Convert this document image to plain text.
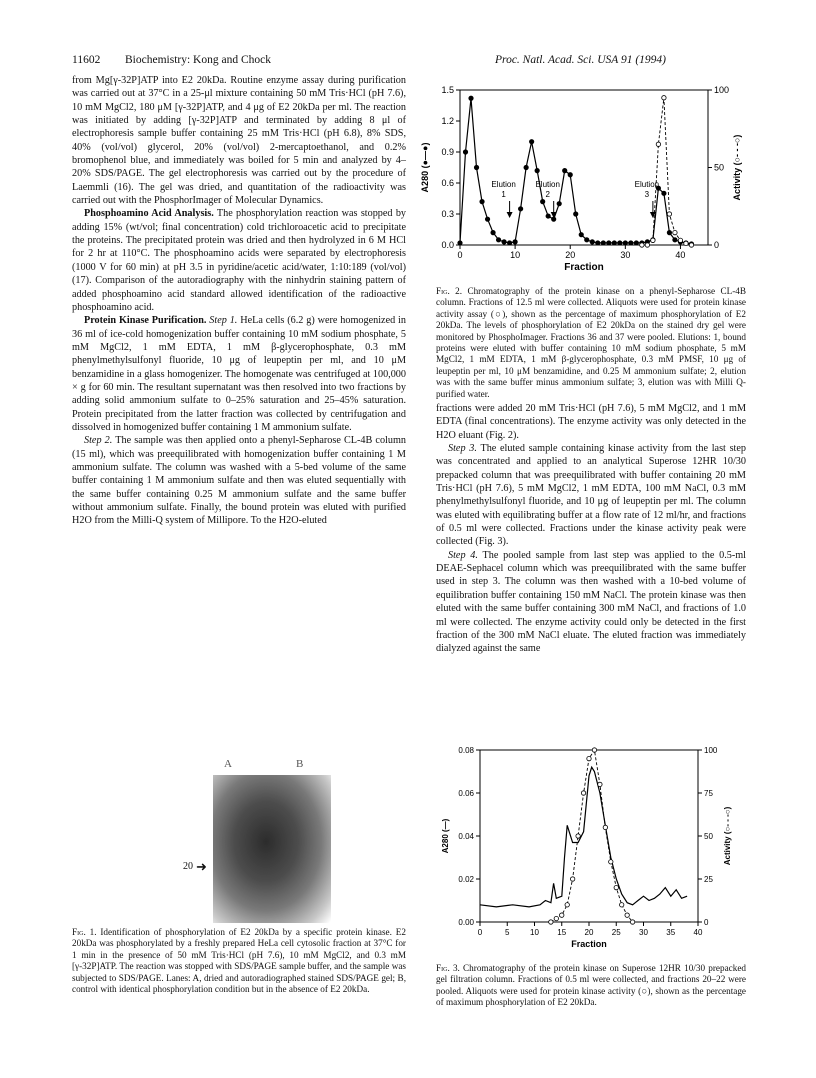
11602 Biochemistry: Kong and Chock	Proc. Natl. Acad. Sci. USA 91 (1994)

from Mg[γ-32P]ATP into E2 20kDa. Routine enzyme assay during purification was carried out at 37°C in a 25-μl mixture containing 50 mM Tris·HCl (pH 7.6), 10 mM MgCl2, 180 μM [γ-32P]ATP, and 4 μg of E2 20kDa per ml. The reaction was initiated by adding [γ-32P]ATP and terminated by adding 8 μl of electrophoresis sample buffer containing 25 mM Tris·HCl (pH 6.8), 8% SDS, 40% (vol/vol) glycerol, 20% (vol/vol) 2-mercaptoethanol, and 0.2% bromophenol blue, and immediately was boiled for 5 min and analyzed by 4–20% SDS/PAGE. The gel electrophoresis was carried out by the procedure of Laemmli (16). The gel was dried, and quantitation of the radioactivity was carried out with the PhosphorImager of Molecular Dynamics.

Phosphoamino Acid Analysis. The phosphorylation reaction was stopped by adding 15% (wt/vol; final concentration) cold trichloroacetic acid to precipitate the proteins. The precipitated protein was dried and then hydrolyzed in 6 M HCl for 2 hr at 110°C. The phosphoamino acids were separated by electrophoresis (1000 V for 60 min) at pH 3.5 in pyridine/acetic acid/water, 1:10:189 (vol/vol) (17). Comparison of the autoradiography with the ninhydrin staining pattern of added phosphoamino acid standard allowed identification of the radioactive phosphoamino acid.

Protein Kinase Purification. Step 1. HeLa cells (6.2 g) were homogenized in 36 ml of ice-cold homogenization buffer containing 10 mM sodium phosphate, 5 mM MgCl2, 1 mM EDTA, 1 mM β-glycerophosphate, 0.3 mM phenylmethylsulfonyl fluoride, 10 μg of leupeptin per ml, and 10 μM benzamidine in a glass homogenizer. The homogenate was centrifuged at 100,000 × g for 60 min. The resultant supernatant was then resolved into two fractions by adding solid ammonium sulfate to 0–25% saturation and 25–45% saturation. Protein precipitated from the latter fraction was collected by centrifugation and dissolved in homogenized buffer containing 1 M ammonium sulfate.

Step 2. The sample was then applied onto a phenyl-Sepharose CL-4B column (15 ml), which was preequilibrated with homogenization buffer containing 1 M ammonium sulfate. The column was washed with a 5-bed volume of the same buffer containing 1 M ammonium sulfate and then was eluted sequentially with the same buffer containing 0.25 M ammonium sulfate and the same buffer without ammonium sulfate. Finally, the bound protein was eluted with purified H2O from the Milli-Q system of Millipore. To the H2O-eluted

A	B
20 ➜
Fig. 1. Identification of phosphorylation of E2 20kDa by a specific protein kinase. E2 20kDa was phosphorylated by a freshly prepared HeLa cell cytosolic fraction at 37°C for 1 min in the presence of 50 mM Tris·HCl (pH 7.6), 10 mM MgCl2, and 0.3 mM [γ-32P]ATP. The reaction was stopped with SDS/PAGE sample buffer, and the sample was subjected to SDS/PAGE. Lanes: A, dried and autoradiographed stained SDS/PAGE gel; B, control with identical phosphorylation condition but in the absence of E2 20kDa.
0	10	20	30	40
0.0
0.3
0.6
0.9
1.2
1.5
0
50
100
Fraction
A280 (●—●)	Activity (○- - -○)
Elution
1
Elution
2
Elution
3
Fig. 2. Chromatography of the protein kinase on a phenyl-Sepharose CL-4B column. Fractions of 12.5 ml were collected. Aliquots were used for protein kinase activity assay (○), shown as the percentage of maximum phosphorylation of E2 20kDa. The levels of phosphorylation of E2 20kDa on the stained dry gel were monitored by PhosphoImager. Fractions 36 and 37 were pooled. Elutions: 1, bound proteins were eluted with buffer containing 10 mM sodium phosphate, 5 mM MgCl2, 1 mM EDTA, 1 mM β-glycerophosphate, 0.3 mM PMSF, 10 μg of leupeptin per ml, 10 μM benzamidine, and 0.25 M ammonium sulfate; 2, elution was with the same buffer minus ammonium sulfate; 3, elution was with Milli Q-purified water.

fractions were added 20 mM Tris·HCl (pH 7.6), 5 mM MgCl2, and 1 mM EDTA (final concentrations). The enzyme activity was only detected in the H2O eluant (Fig. 2).

Step 3. The eluted sample containing kinase activity from the last step was concentrated and applied to an analytical Superose 12HR 10/30 prepacked column that was preequilibrated with buffer containing 20 mM Tris·HCl (pH 7.6), 5 mM MgCl2, 1 mM EDTA, 100 mM NaCl, 0.3 mM phenylmethylsulfonyl fluoride, and 10 μg of leupeptin per ml. The column was eluted with equilibrating buffer at a flow rate of 12 ml/hr, and fractions of 0.5 ml were collected. Fractions under the kinase activity peak were collected (Fig. 3).

Step 4. The pooled sample from last step was applied to the 0.5-ml DEAE-Sephacel column which was preequilibrated with the same buffer used in step 3. The column was then washed with a 10-bed volume of equilibration buffer containing 150 mM NaCl. The protein kinase was then eluted with the same buffer containing 300 mM NaCl, and fractions of 1.0 ml were collected. The enzyme activity could only be detected in the first fraction of the 300 mM NaCl eluate. The eluted fraction was immediately dialyzed against the same

0	5	10 15 20 25 30 35 40
0.00
0.02
0.04
0.06
0.08
0
25
50
75
100
Fraction
A280 (—)	Activity (○- - -○)
Fig. 3. Chromatography of the protein kinase on Superose 12HR 10/30 prepacked gel filtration column. Fractions of 0.5 ml were collected, and fractions 20–22 were pooled. Aliquots were used for protein kinase activity (○), shown as the percentage of maximum phosphorylation of E2 20kDa.
